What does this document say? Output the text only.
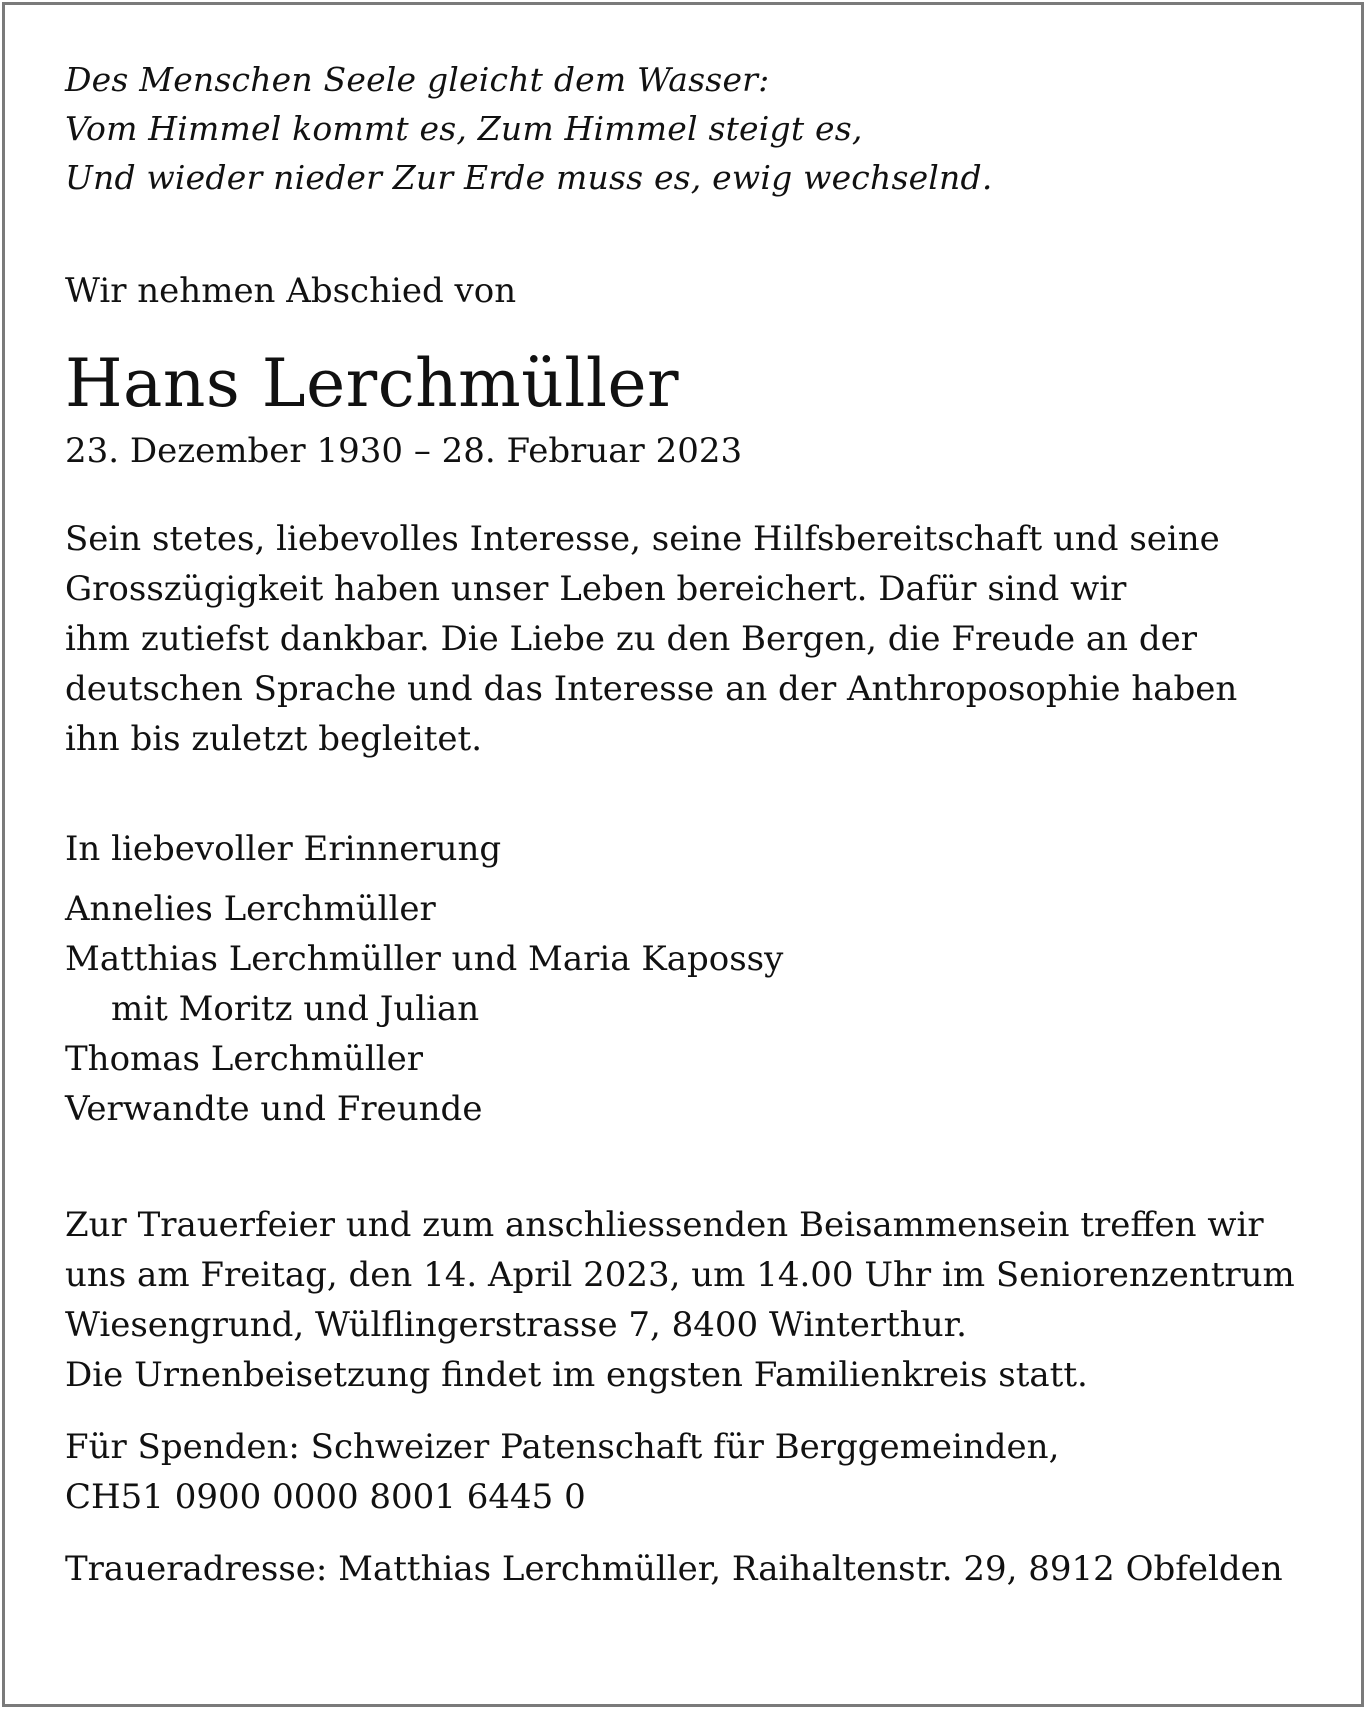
Des Menschen Seele gleicht dem Wasser:
Vom Himmel kommt es, Zum Himmel steigt es,
Und wieder nieder Zur Erde muss es, ewig wechselnd.
Wir nehmen Abschied von
Hans Lerchmüller
23. Dezember 1930 – 28. Februar 2023
Sein stetes, liebevolles Interesse, seine Hilfsbereitschaft und seine
Grosszügigkeit haben unser Leben bereichert. Dafür sind wir
ihm zutiefst dankbar. Die Liebe zu den Bergen, die Freude an der
deutschen Sprache und das Interesse an der Anthroposophie haben
ihn bis zuletzt begleitet.
In liebevoller Erinnerung
Annelies Lerchmüller
Matthias Lerchmüller und Maria Kapossy
mit Moritz und Julian
Thomas Lerchmüller
Verwandte und Freunde
Zur Trauerfeier und zum anschliessenden Beisammensein treffen wir
uns am Freitag, den 14. April 2023, um 14.00 Uhr im Seniorenzentrum
Wiesengrund, Wülflingerstrasse 7, 8400 Winterthur.
Die Urnenbeisetzung findet im engsten Familienkreis statt.
Für Spenden: Schweizer Patenschaft für Berggemeinden,
CH51 0900 0000 8001 6445 0
Traueradresse: Matthias Lerchmüller, Raihaltenstr. 29, 8912 Obfelden
